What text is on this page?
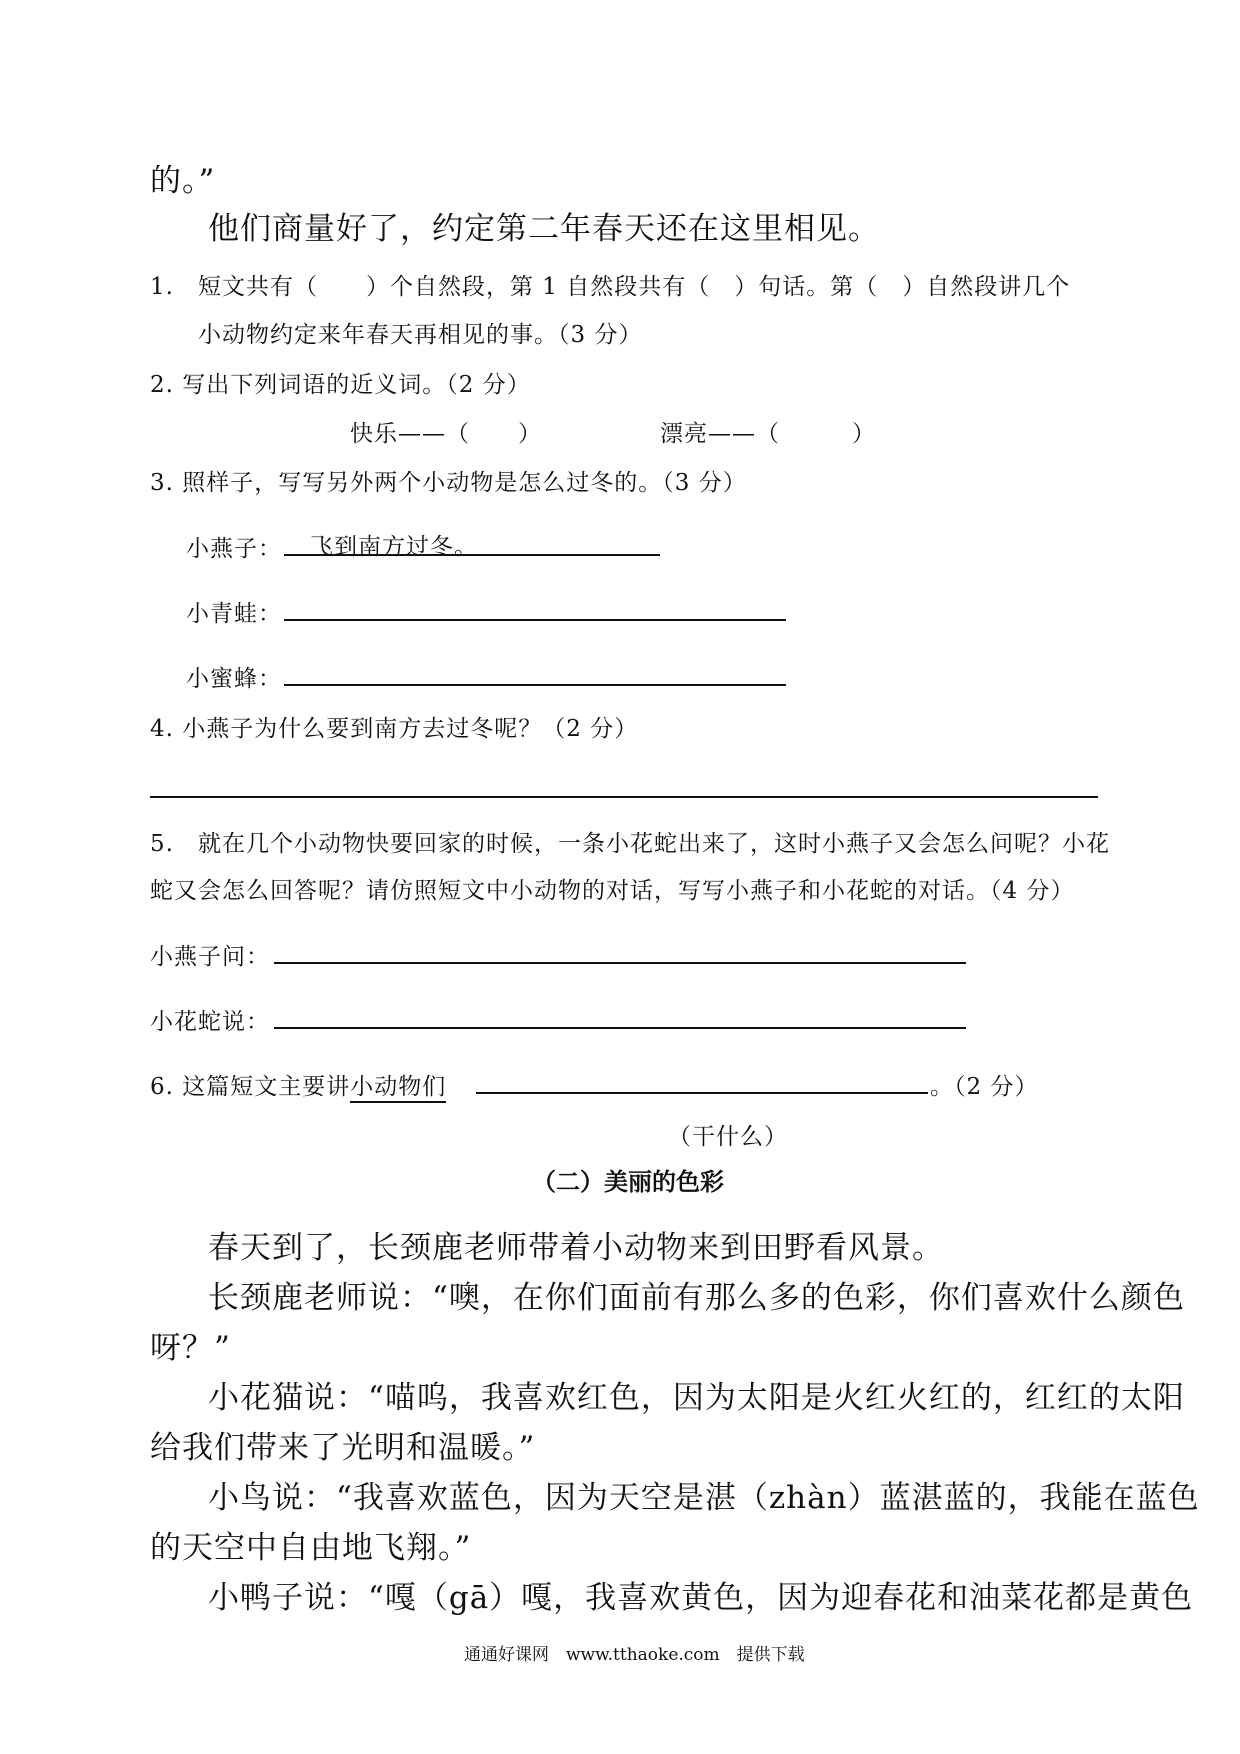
的。”
他们商量好了，约定第二年春天还在这里相见。
1.　短文共有（　　）个自然段，第 1 自然段共有（　）句话。第（　）自然段讲几个
小动物约定来年春天再相见的事。（3 分）
2. 写出下列词语的近义词。（2 分）
快乐——（　　）	漂亮——（　　　）
3. 照样子，写写另外两个小动物是怎么过冬的。（3 分）
小燕子： 飞到南方过冬。
小青蛙：
小蜜蜂：
4. 小燕子为什么要到南方去过冬呢？（2 分）
5.　就在几个小动物快要回家的时候，一条小花蛇出来了，这时小燕子又会怎么问呢？小花
蛇又会怎么回答呢？请仿照短文中小动物的对话，写写小燕子和小花蛇的对话。（4 分）
小燕子问：
小花蛇说：
6. 这篇短文主要讲小动物们	。（2 分）
（干什么）
（二）美丽的色彩
春天到了，长颈鹿老师带着小动物来到田野看风景。
长颈鹿老师说：“噢，在你们面前有那么多的色彩，你们喜欢什么颜色
呀？”
小花猫说：“喵呜，我喜欢红色，因为太阳是火红火红的，红红的太阳
给我们带来了光明和温暖。”
小鸟说：“我喜欢蓝色，因为天空是湛（zhàn）蓝湛蓝的，我能在蓝色
的天空中自由地飞翔。”
小鸭子说：“嘎（gā）嘎，我喜欢黄色，因为迎春花和油菜花都是黄色
通通好课网　www.tthaoke.com　提供下载
